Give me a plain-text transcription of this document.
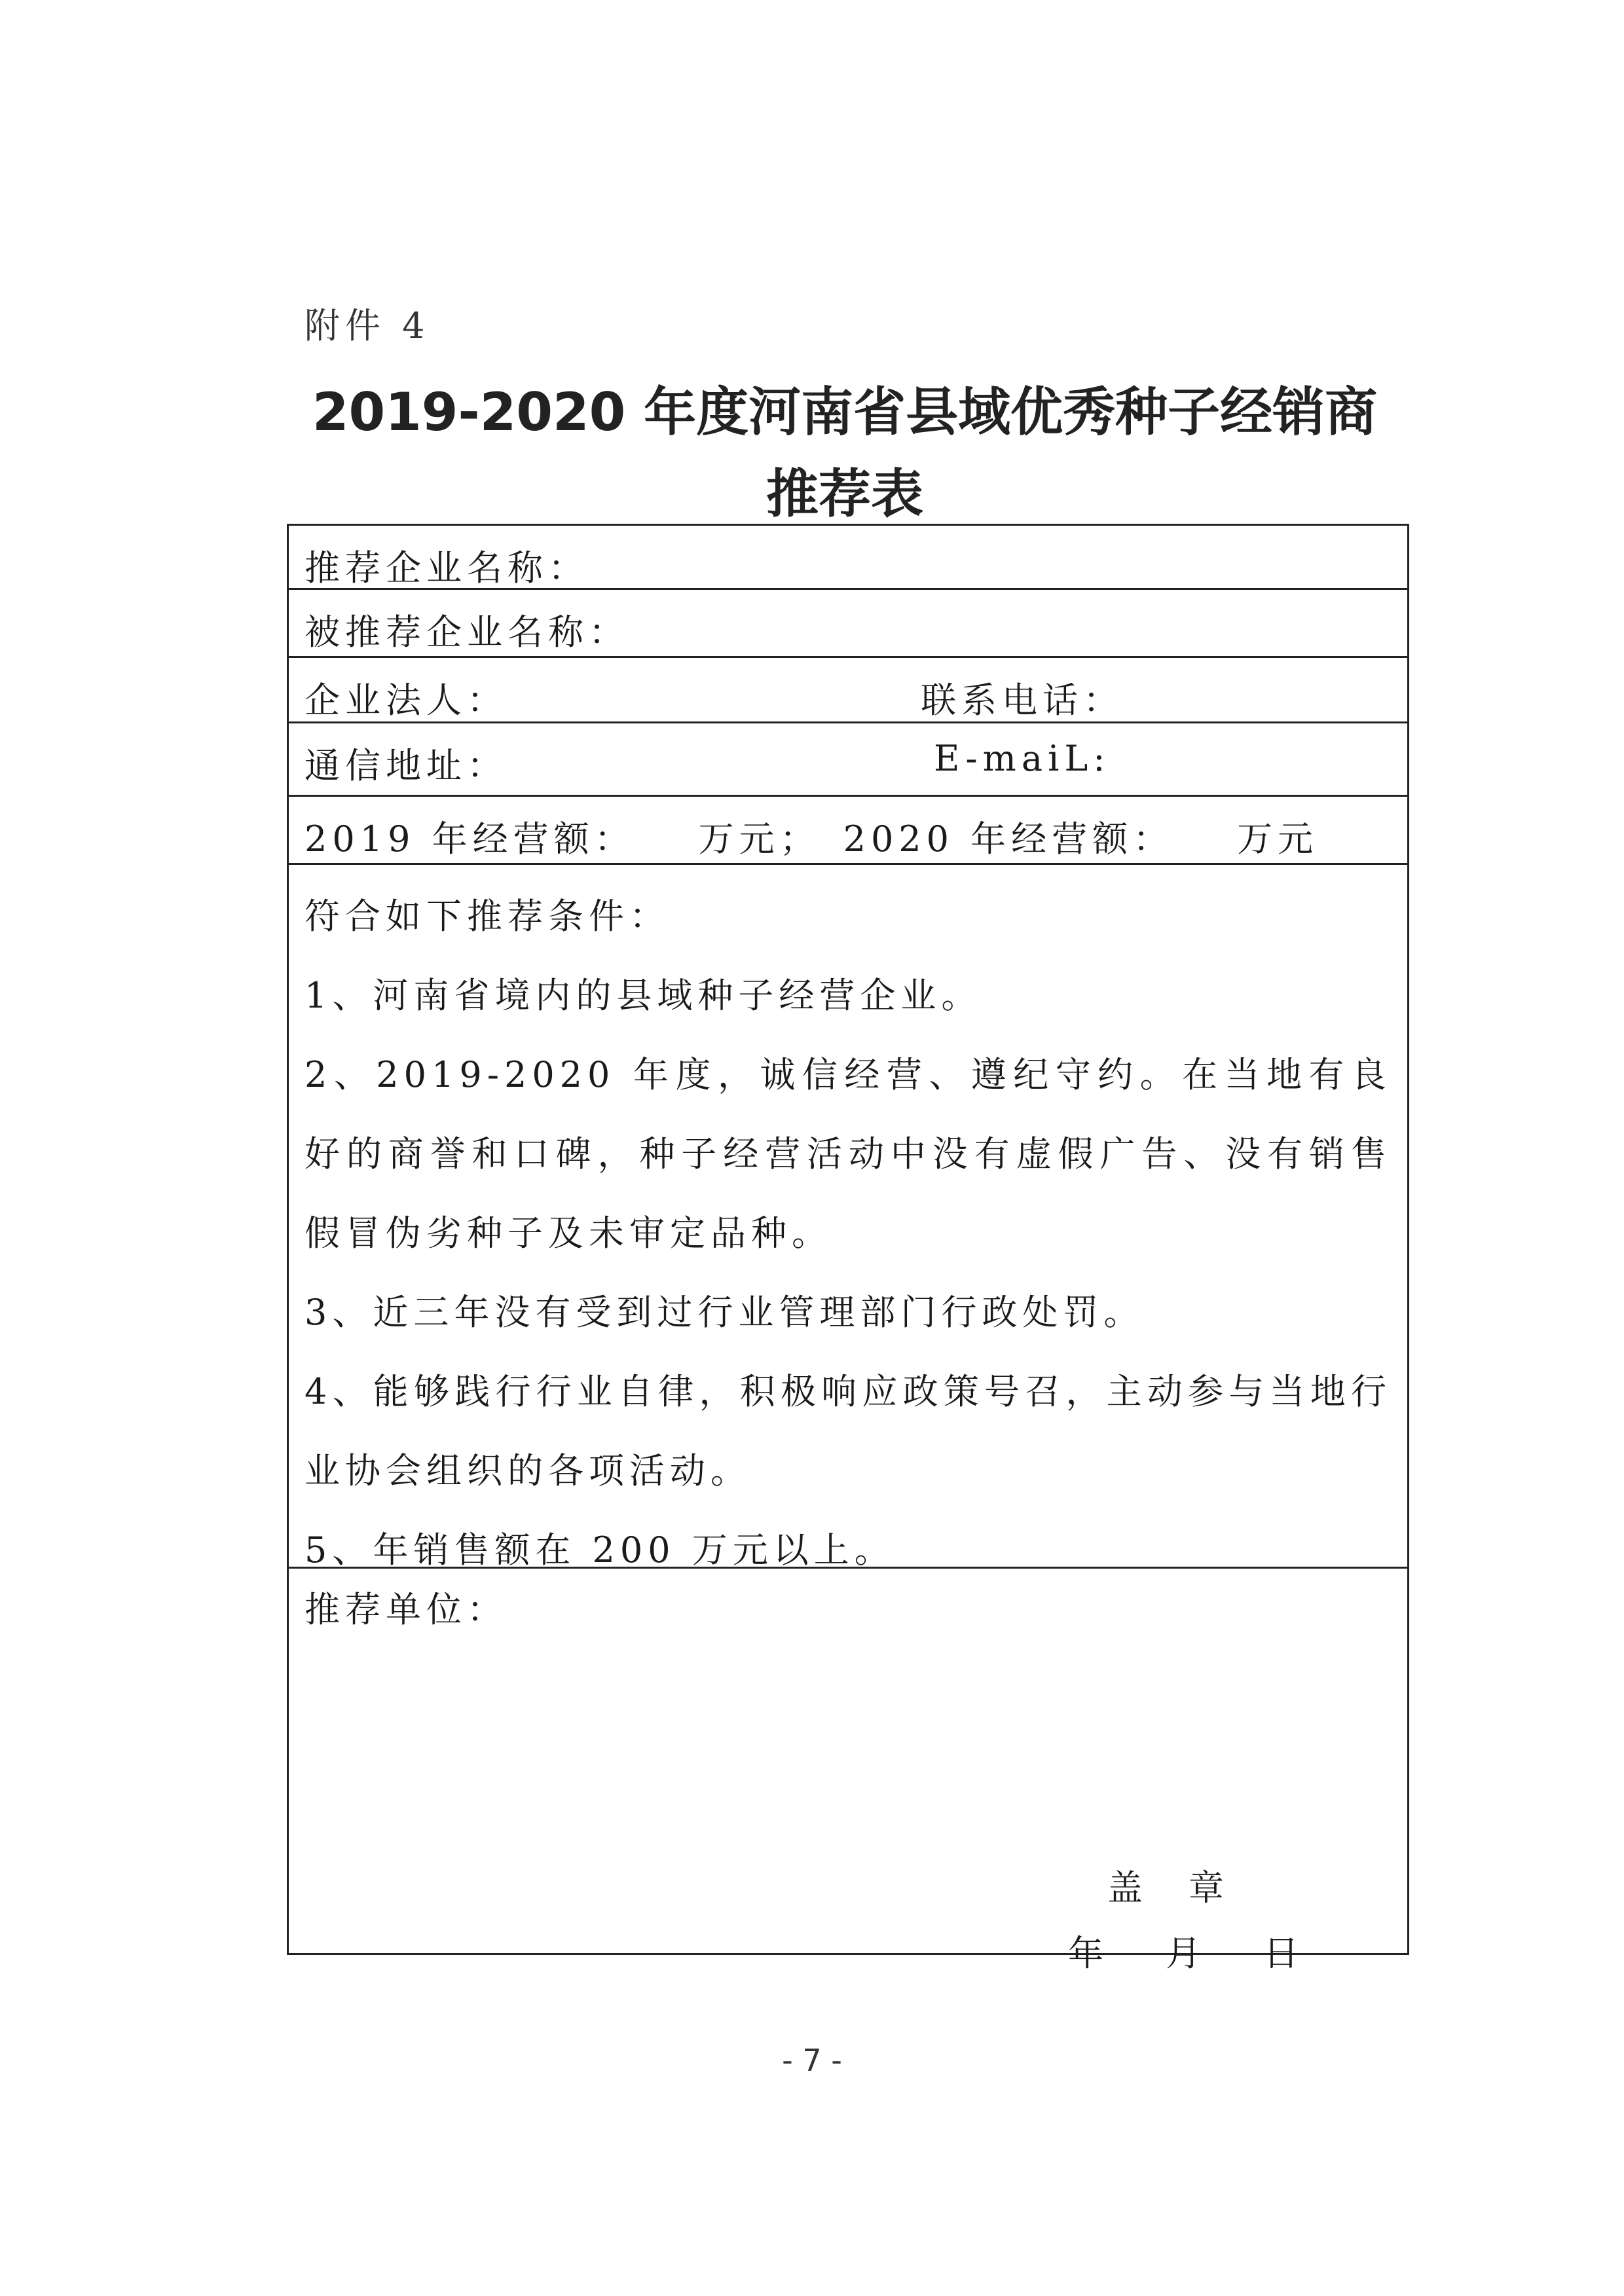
附件 4
2019-2020 年度河南省县域优秀种子经销商
推荐表
推荐企业名称：
被推荐企业名称：
企业法人：	联系电话：
通信地址：	E-maiL:
2019 年经营额：　　万元；　2020 年经营额：　　万元
符合如下推荐条件：
1、河南省境内的县域种子经营企业。
2、2019-2020 年度，诚信经营、遵纪守约。在当地有良好的商誉和口碑，种子经营活动中没有虚假广告、没有销售假冒伪劣种子及未审定品种。
3、近三年没有受到过行业管理部门行政处罚。
4、能够践行行业自律，积极响应政策号召，主动参与当地行业协会组织的各项活动。
5、年销售额在 200 万元以上。
推荐单位：
盖　章
年　 月　 日
- 7 -
